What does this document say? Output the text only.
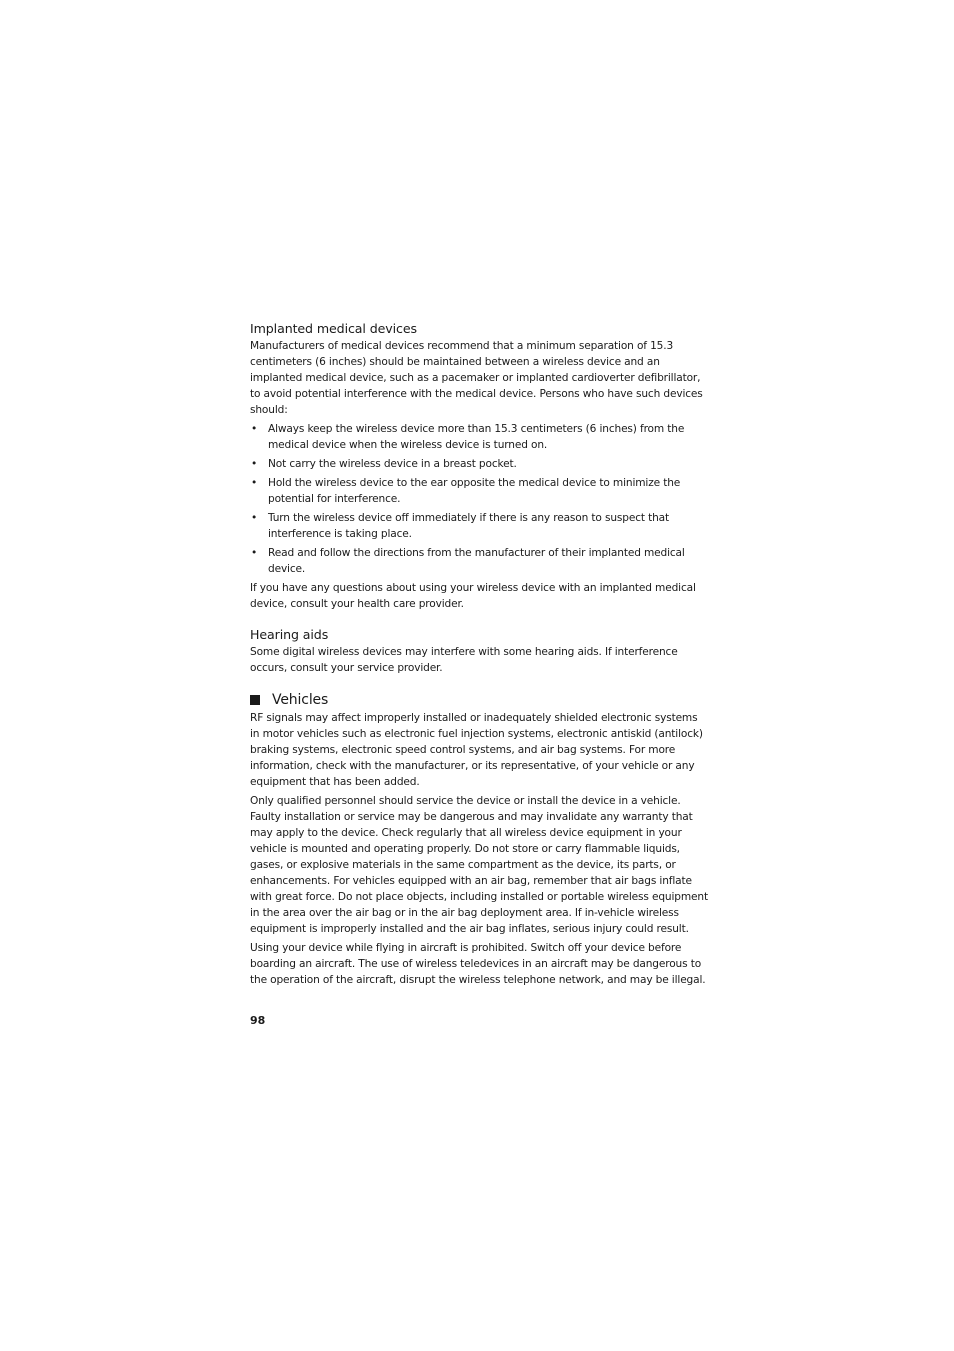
Implanted medical devices

Manufacturers of medical devices recommend that a minimum separation of 15.3 centimeters (6 inches) should be maintained between a wireless device and an implanted medical device, such as a pacemaker or implanted cardioverter defibrillator, to avoid potential interference with the medical device. Persons who have such devices should:

• Always keep the wireless device more than 15.3 centimeters (6 inches) from the medical device when the wireless device is turned on.
• Not carry the wireless device in a breast pocket.
• Hold the wireless device to the ear opposite the medical device to minimize the potential for interference.
• Turn the wireless device off immediately if there is any reason to suspect that interference is taking place.
• Read and follow the directions from the manufacturer of their implanted medical device.

If you have any questions about using your wireless device with an implanted medical device, consult your health care provider.

Hearing aids

Some digital wireless devices may interfere with some hearing aids. If interference occurs, consult your service provider.

Vehicles

RF signals may affect improperly installed or inadequately shielded electronic systems in motor vehicles such as electronic fuel injection systems, electronic antiskid (antilock) braking systems, electronic speed control systems, and air bag systems. For more information, check with the manufacturer, or its representative, of your vehicle or any equipment that has been added.

Only qualified personnel should service the device or install the device in a vehicle. Faulty installation or service may be dangerous and may invalidate any warranty that may apply to the device. Check regularly that all wireless device equipment in your vehicle is mounted and operating properly. Do not store or carry flammable liquids, gases, or explosive materials in the same compartment as the device, its parts, or enhancements. For vehicles equipped with an air bag, remember that air bags inflate with great force. Do not place objects, including installed or portable wireless equipment in the area over the air bag or in the air bag deployment area. If in-vehicle wireless equipment is improperly installed and the air bag inflates, serious injury could result.

Using your device while flying in aircraft is prohibited. Switch off your device before boarding an aircraft. The use of wireless teledevices in an aircraft may be dangerous to the operation of the aircraft, disrupt the wireless telephone network, and may be illegal.

98
